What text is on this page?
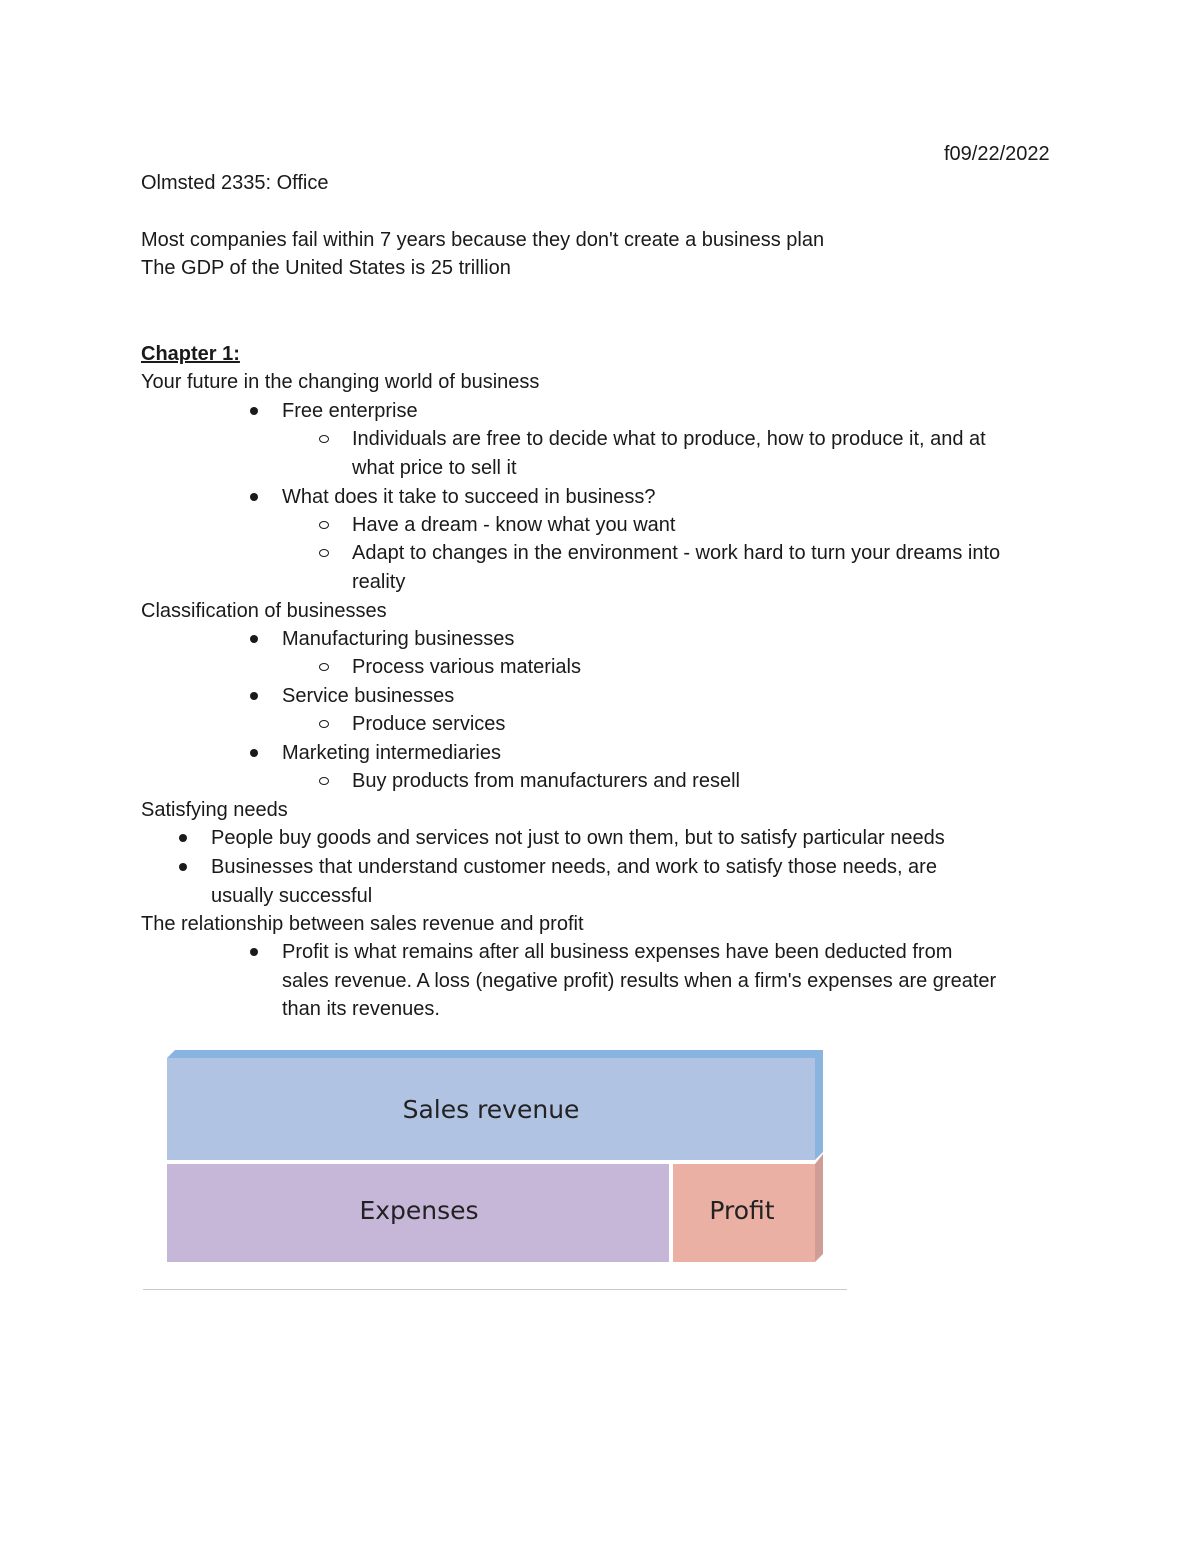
f09/22/2022
Olmsted 2335: Office
Most companies fail within 7 years because they don't create a business plan
The GDP of the United States is 25 trillion
Chapter 1:
Your future in the changing world of business
Free enterprise
Individuals are free to decide what to produce, how to produce it, and at
what price to sell it
What does it take to succeed in business?
Have a dream - know what you want
Adapt to changes in the environment - work hard to turn your dreams into
reality
Classification of businesses
Manufacturing businesses
Process various materials
Service businesses
Produce services
Marketing intermediaries
Buy products from manufacturers and resell
Satisfying needs
People buy goods and services not just to own them, but to satisfy particular needs
Businesses that understand customer needs, and work to satisfy those needs, are
usually successful
The relationship between sales revenue and profit
Profit is what remains after all business expenses have been deducted from
sales revenue. A loss (negative profit) results when a firm's expenses are greater
than its revenues.
Sales revenue
Expenses	Profit
